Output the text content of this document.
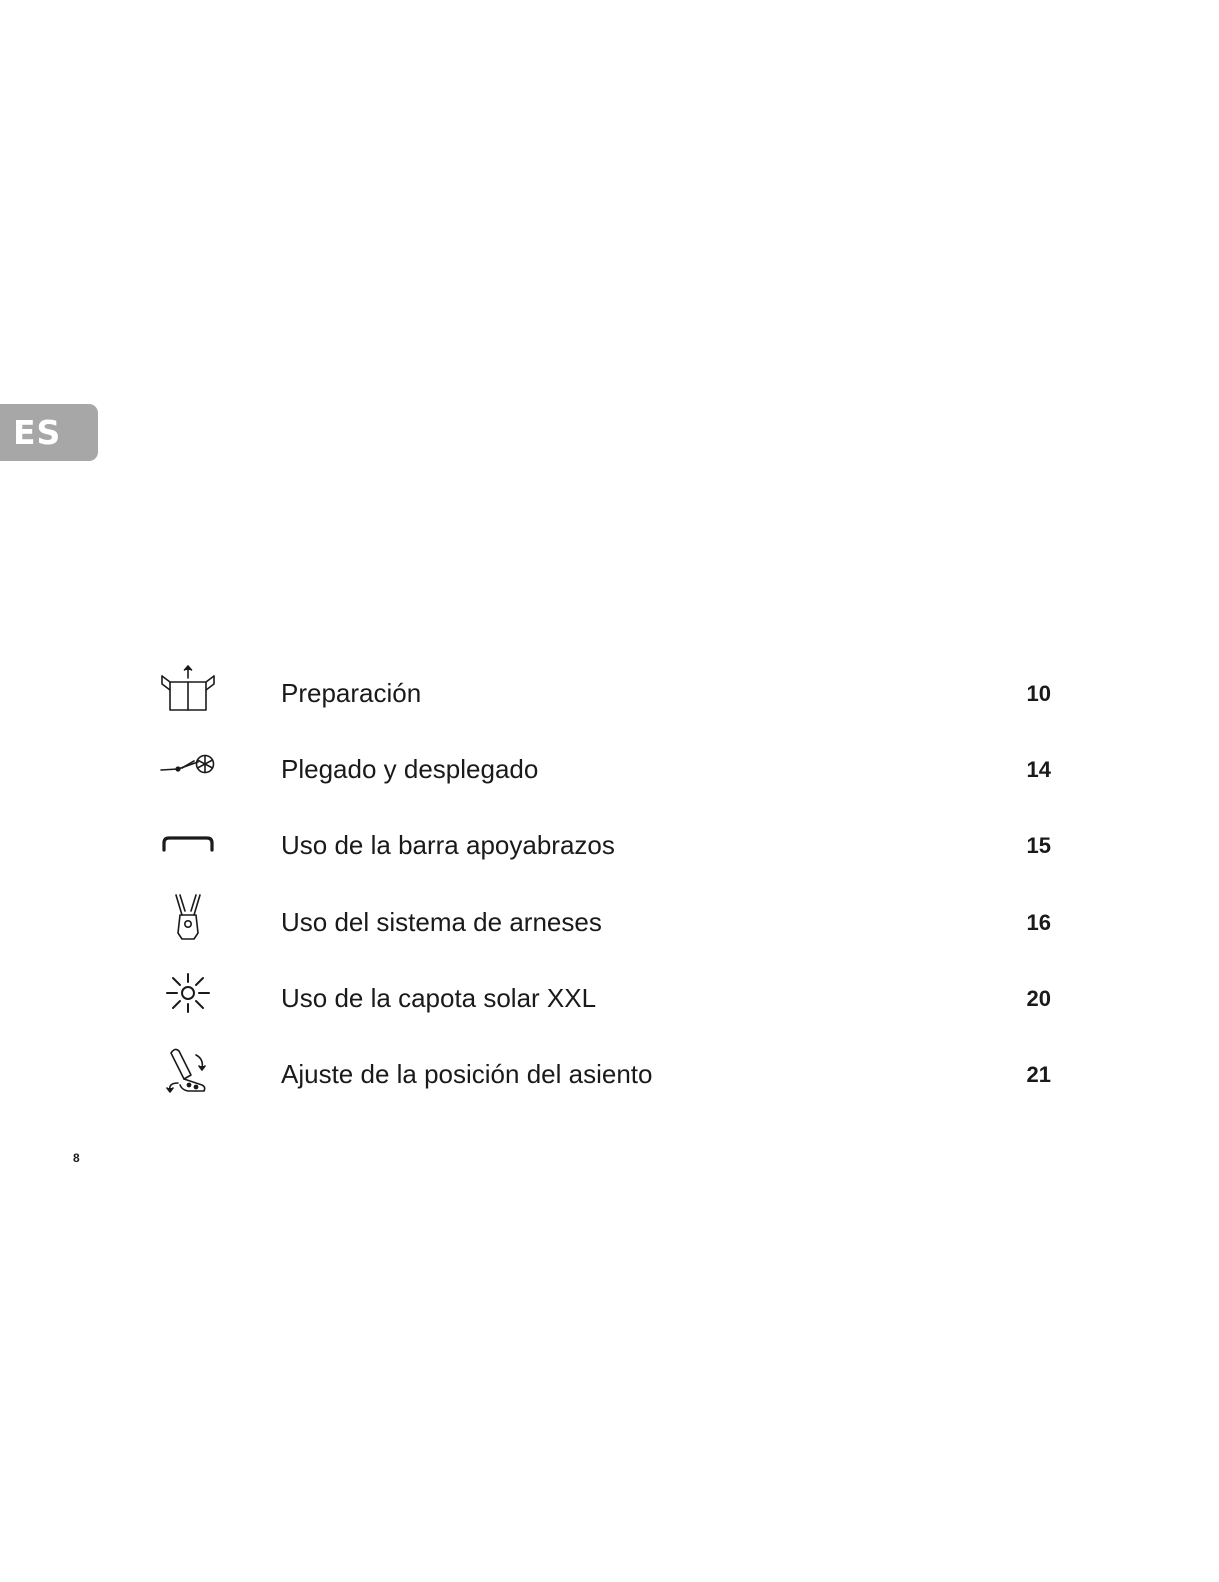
ES
Preparación	10
Plegado y desplegado	14
Uso de la barra apoyabrazos	15
Uso del sistema de arneses	16
Uso de la capota solar XXL	20
Ajuste de la posición del asiento	21
8
